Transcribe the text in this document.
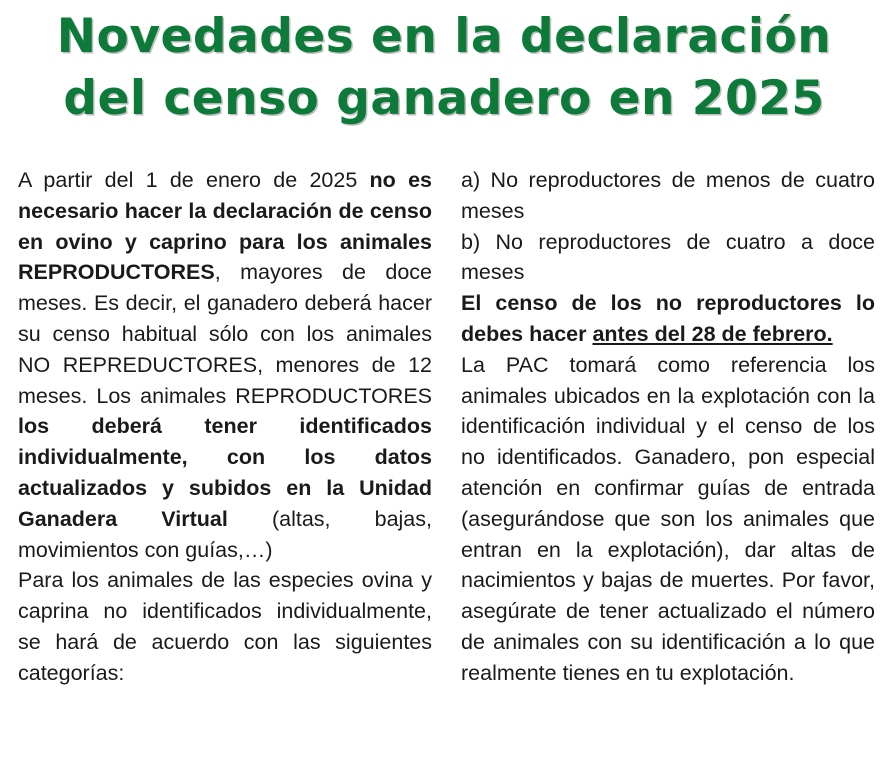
Novedades en la declaración
del censo ganadero en 2025

A partir del 1 de enero de 2025 no es necesario hacer la declaración de censo en ovino y caprino para los animales REPRODUCTORES, mayores de doce meses. Es decir, el ganadero deberá hacer su censo habitual sólo con los animales NO REPREDUCTORES, menores de 12 meses. Los animales REPRODUCTORES los deberá tener identificados individualmente, con los datos actualizados y subidos en la Unidad Ganadera Virtual (altas, bajas, movimientos con guías,…)

Para los animales de las especies ovina y caprina no identificados individualmente, se hará de acuerdo con las siguientes categorías:

a) No reproductores de menos de cuatro meses

b) No reproductores de cuatro a doce meses

El censo de los no reproductores lo debes hacer antes del 28 de febrero.

La PAC tomará como referencia los animales ubicados en la explotación con la identificación individual y el censo de los no identificados. Ganadero, pon especial atención en confirmar guías de entrada (asegurándose que son los animales que entran en la explotación), dar altas de nacimientos y bajas de muertes. Por favor, asegúrate de tener actualizado el número de animales con su identificación a lo que realmente tienes en tu explotación.
